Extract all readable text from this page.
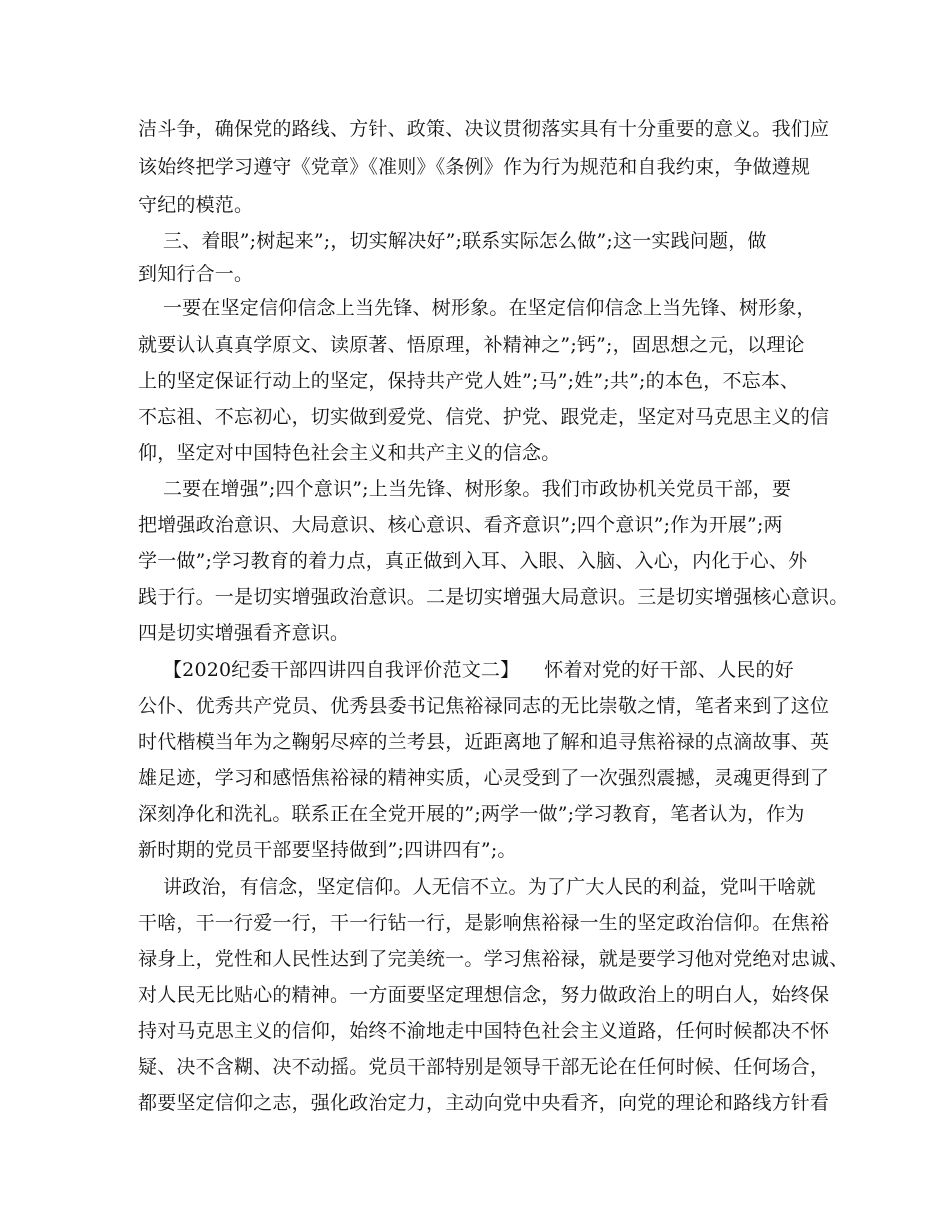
洁斗争，确保党的路线、方针、政策、决议贯彻落实具有十分重要的意义。我们应
该始终把学习遵守《党章》《准则》《条例》作为行为规范和自我约束，争做遵规
守纪的模范。
三、着眼”;树起来”;，切实解决好”;联系实际怎么做”;这一实践问题，做
到知行合一。
一要在坚定信仰信念上当先锋、树形象。在坚定信仰信念上当先锋、树形象，
就要认认真真学原文、读原著、悟原理，补精神之”;钙”;，固思想之元，以理论
上的坚定保证行动上的坚定，保持共产党人姓”;马”;姓”;共”;的本色，不忘本、
不忘祖、不忘初心，切实做到爱党、信党、护党、跟党走，坚定对马克思主义的信
仰，坚定对中国特色社会主义和共产主义的信念。
二要在增强”;四个意识”;上当先锋、树形象。我们市政协机关党员干部，要
把增强政治意识、大局意识、核心意识、看齐意识”;四个意识”;作为开展”;两
学一做”;学习教育的着力点，真正做到入耳、入眼、入脑、入心，内化于心、外
践于行。一是切实增强政治意识。二是切实增强大局意识。三是切实增强核心意识。
四是切实增强看齐意识。
【2020纪委干部四讲四自我评价范文二】    怀着对党的好干部、人民的好
公仆、优秀共产党员、优秀县委书记焦裕禄同志的无比崇敬之情，笔者来到了这位
时代楷模当年为之鞠躬尽瘁的兰考县，近距离地了解和追寻焦裕禄的点滴故事、英
雄足迹，学习和感悟焦裕禄的精神实质，心灵受到了一次强烈震撼，灵魂更得到了
深刻净化和洗礼。联系正在全党开展的”;两学一做”;学习教育，笔者认为，作为
新时期的党员干部要坚持做到”;四讲四有”;。
讲政治，有信念，坚定信仰。人无信不立。为了广大人民的利益，党叫干啥就
干啥，干一行爱一行，干一行钻一行，是影响焦裕禄一生的坚定政治信仰。在焦裕
禄身上，党性和人民性达到了完美统一。学习焦裕禄，就是要学习他对党绝对忠诚、
对人民无比贴心的精神。一方面要坚定理想信念，努力做政治上的明白人，始终保
持对马克思主义的信仰，始终不渝地走中国特色社会主义道路，任何时候都决不怀
疑、决不含糊、决不动摇。党员干部特别是领导干部无论在任何时候、任何场合，
都要坚定信仰之志，强化政治定力，主动向党中央看齐，向党的理论和路线方针看
